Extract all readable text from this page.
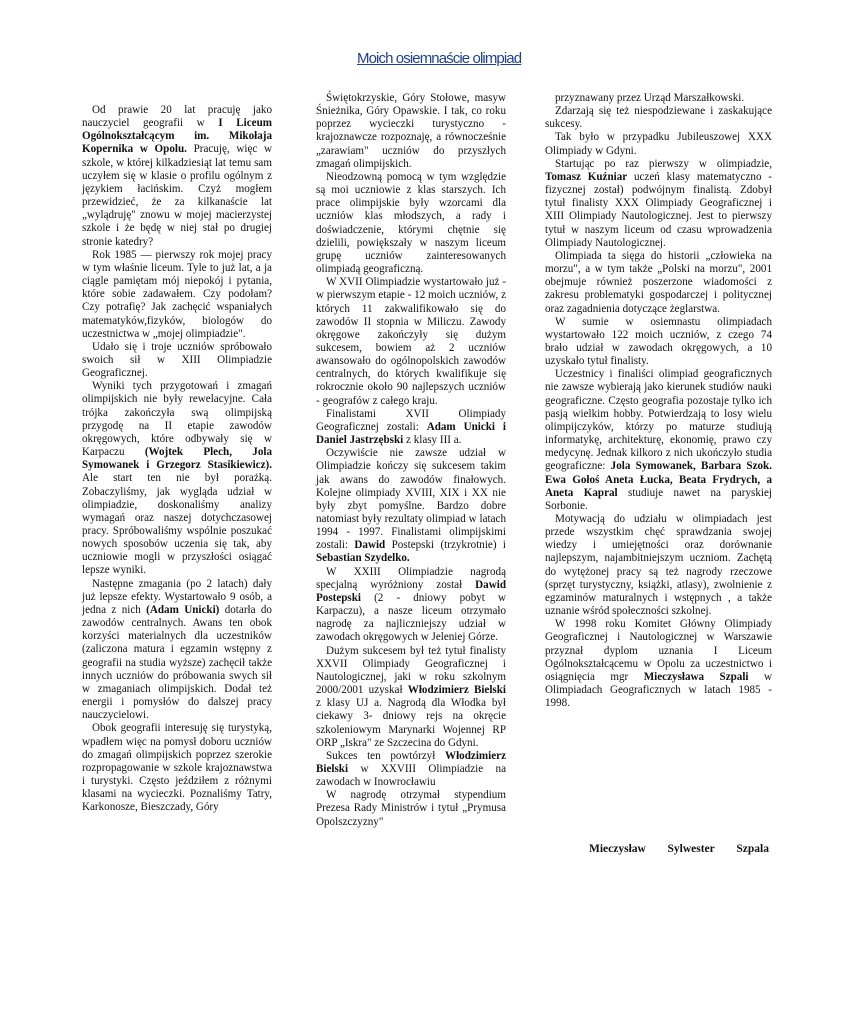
Moich osiemnaście olimpiad

Od prawie 20 lat pracuję jako nauczyciel geografii w I Liceum Ogólnokształcącym im. Mikołaja Kopernika w Opolu. Pracuję, więc w szkole, w której kilkadziesiąt lat temu sam uczyłem się w klasie o profilu ogólnym z językiem łacińskim. Czyż mogłem przewidzieć, że za kilkanaście lat „wylądruję" znowu w mojej macierzystej szkole i że będę w niej stał po drugiej stronie katedry?

Rok 1985 — pierwszy rok mojej pracy w tym właśnie liceum. Tyle to już lat, a ja ciągle pamiętam mój niepokój i pytania, które sobie zadawałem. Czy podołam? Czy potrafię? Jak zachęcić wspaniałych matematyków,fizyków, biologów do uczestnictwa w „mojej olimpiadzie".

Udało się i troje uczniów spróbowało swoich sił w XIII Olimpiadzie Geograficznej.

Wyniki tych przygotowań i zmagań olimpijskich nie były rewelacyjne. Cała trójka zakończyła swą olimpijską przygodę na II etapie zawodów okręgowych, które odbywały się w Karpaczu (Wojtek Plech, Jola Symowanek i Grzegorz Stasikiewicz). Ale start ten nie był porażką. Zobaczyliśmy, jak wygląda udział w olimpiadzie, doskonaliśmy analizy wymagań oraz naszej dotychczasowej pracy. Spróbowaliśmy wspólnie poszukać nowych sposobów uczenia się tak, aby uczniowie mogli w przyszłości osiągać lepsze wyniki.

Następne zmagania (po 2 latach) dały już lepsze efekty. Wystartowało 9 osób, a jedna z nich (Adam Unicki) dotarła do zawodów centralnych. Awans ten obok korzyści materialnych dla uczestników (zaliczona matura i egzamin wstępny z geografii na studia wyższe) zachęcił także innych uczniów do próbowania swych sił w zmaganiach olimpijskich. Dodał też energii i pomysłów do dalszej pracy nauczycielowi.

Obok geografii interesuję się turystyką, wpadłem więc na pomysł doboru uczniów do zmagań olimpijskich poprzez szerokie rozpropagowanie w szkole krajoznawstwa i turystyki. Często jeździłem z różnymi klasami na wycieczki. Poznaliśmy Tatry, Karkonosze, Bieszczady, Góry

Świętokrzyskie, Góry Stołowe, masyw Śnieżnika, Góry Opawskie. I tak, co roku poprzez wycieczki turystyczno -krajoznawcze rozpoznaję, a równocześnie „zarawiam" uczniów do przyszłych zmagań olimpijskich.

Nieodzowną pomocą w tym względzie są moi uczniowie z klas starszych. Ich prace olimpijskie były wzorcami dla uczniów klas młodszych, a rady i doświadczenie, którymi chętnie się dzielili, powiększały w naszym liceum grupę uczniów zainteresowanych olimpiadą geograficzną.

W XVII Olimpiadzie wystartowało już - w pierwszym etapie - 12 moich uczniów, z których 11 zakwalifikowało się do zawodów II stopnia w Miliczu. Zawody okręgowe zakończyły się dużym sukcesem, bowiem aż 2 uczniów awansowało do ogólnopolskich zawodów centralnych, do których kwalifikuje się rokrocznie około 90 najlepszych uczniów - geografów z całego kraju.

Finalistami XVII Olimpiady Geograficznej zostali: Adam Unicki i Daniel Jastrzębski z klasy III a.

Oczywiście nie zawsze udział w Olimpiadzie kończy się sukcesem takim jak awans do zawodów finałowych. Kolejne olimpiady XVIII, XIX i XX nie były zbyt pomyślne. Bardzo dobre natomiast były rezultaty olimpiad w latach 1994 - 1997. Finalistami olimpijskimi zostali: Dawid Postepski (trzykrotnie) i Sebastian Szydelko.

W XXIII Olimpiadzie nagrodą specjalną wyróżniony został Dawid Postepski (2 - dniowy pobyt w Karpaczu), a nasze liceum otrzymało nagrodę za najliczniejszy udział w zawodach okręgowych w Jeleniej Górze.

Dużym sukcesem był też tytuł finalisty XXVII Olimpiady Geograficznej i Nautologicznej, jaki w roku szkolnym 2000/2001 uzyskał Włodzimierz Bielski z klasy UJ a. Nagrodą dla Włodka był ciekawy 3- dniowy rejs na okręcie szkoleniowym Marynarki Wojennej RP ORP „Iskra" ze Szczecina do Gdyni.

Sukces ten powtórzył Włodzimierz Bielski w XXVIII Olimpiadzie na zawodach w Inowrocławiu

W nagrodę otrzymał stypendium Prezesa Rady Ministrów i tytuł „Prymusa Opolszczyzny"

przyznawany przez Urząd Marszałkowski.

Zdarzają się też niespodziewane i zaskakujące sukcesy.

Tak było w przypadku Jubileuszowej XXX Olimpiady w Gdyni.

Startując po raz pierwszy w olimpiadzie, Tomasz Kuźniar uczeń klasy matematyczno - fizycznej został) podwójnym finalistą. Zdobył tytuł finalisty XXX Olimpiady Geograficznej i XIII Olimpiady Nautologicznej. Jest to pierwszy tytuł w naszym liceum od czasu wprowadzenia Olimpiady Nautologicznej.

Olimpiada ta sięga do historii „człowieka na morzu", a w tym także „Polski na morzu", 2001 obejmuje również poszerzone wiadomości z zakresu problematyki gospodarczej i politycznej oraz zagadnienia dotyczące żeglarstwa.

W sumie w osiemnastu olimpiadach wystartowało 122 moich uczniów, z czego 74 brało udział w zawodach okręgowych, a 10 uzyskało tytuł finalisty.

Uczestnicy i finaliści olimpiad geograficznych nie zawsze wybierają jako kierunek studiów nauki geograficzne. Często geografia pozostaje tylko ich pasją wielkim hobby. Potwierdzają to losy wielu olimpijczyków, którzy po maturze studiują informatykę, architekturę, ekonomię, prawo czy medycynę. Jednak kilkoro z nich ukończyło studia geograficzne: Jola Symowanek, Barbara Szok. Ewa Gołoś Aneta Łucka, Beata Frydrych, a Aneta Kapral studiuje nawet na paryskiej Sorbonie.

Motywacją do udziału w olimpiadach jest przede wszystkim chęć sprawdzania swojej wiedzy i umiejętności oraz dorównanie najlepszym, najambitniejszym uczniom. Zachętą do wytężonej pracy są też nagrody rzeczowe (sprzęt turystyczny, książki, atlasy), zwolnienie z egzaminów maturalnych i wstępnych , a także uznanie wśród społeczności szkolnej.

W 1998 roku Komitet Główny Olimpiady Geograficznej i Nautologicznej w Warszawie przyznał dyplom uznania I Liceum Ogólnokształcącemu w Opolu za uczestnictwo i osiągnięcia mgr Mieczysława Szpali w Olimpiadach Geograficznych w latach 1985 - 1998.

Mieczysław Sylwester Szpala
